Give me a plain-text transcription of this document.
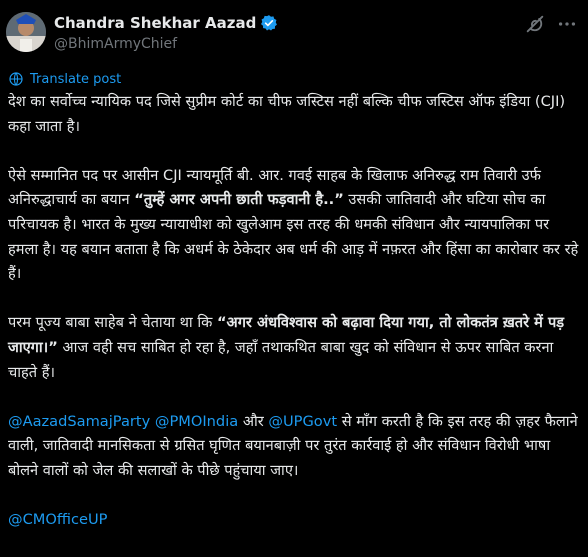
Chandra Shekhar Aazad
@BhimArmyChief
Translate post

देश का सर्वोच्च न्यायिक पद जिसे सुप्रीम कोर्ट का चीफ जस्टिस नहीं बल्कि चीफ जस्टिस ऑफ इंडिया (CJI) कहा जाता है।

ऐसे सम्मानित पद पर आसीन CJI न्यायमूर्ति बी. आर. गवई साहब के खिलाफ अनिरुद्ध राम तिवारी उर्फ अनिरुद्धाचार्य का बयान “तुम्हें अगर अपनी छाती फड़वानी है..” उसकी जातिवादी और घटिया सोच का परिचायक है। भारत के मुख्य न्यायाधीश को खुलेआम इस तरह की धमकी संविधान और न्यायपालिका पर हमला है। यह बयान बताता है कि अधर्म के ठेकेदार अब धर्म की आड़ में नफ़रत और हिंसा का कारोबार कर रहे हैं।

परम पूज्य बाबा साहेब ने चेताया था कि “अगर अंधविश्वास को बढ़ावा दिया गया, तो लोकतंत्र ख़तरे में पड़ जाएगा।” आज वही सच साबित हो रहा है, जहाँ तथाकथित बाबा खुद को संविधान से ऊपर साबित करना चाहते हैं।

@AazadSamajParty @PMOIndia और @UPGovt से माँग करती है कि इस तरह की ज़हर फैलाने वाली, जातिवादी मानसिकता से ग्रसित घृणित बयानबाज़ी पर तुरंत कार्रवाई हो और संविधान विरोधी भाषा बोलने वालों को जेल की सलाखों के पीछे पहुंचाया जाए।

@CMOfficeUP
